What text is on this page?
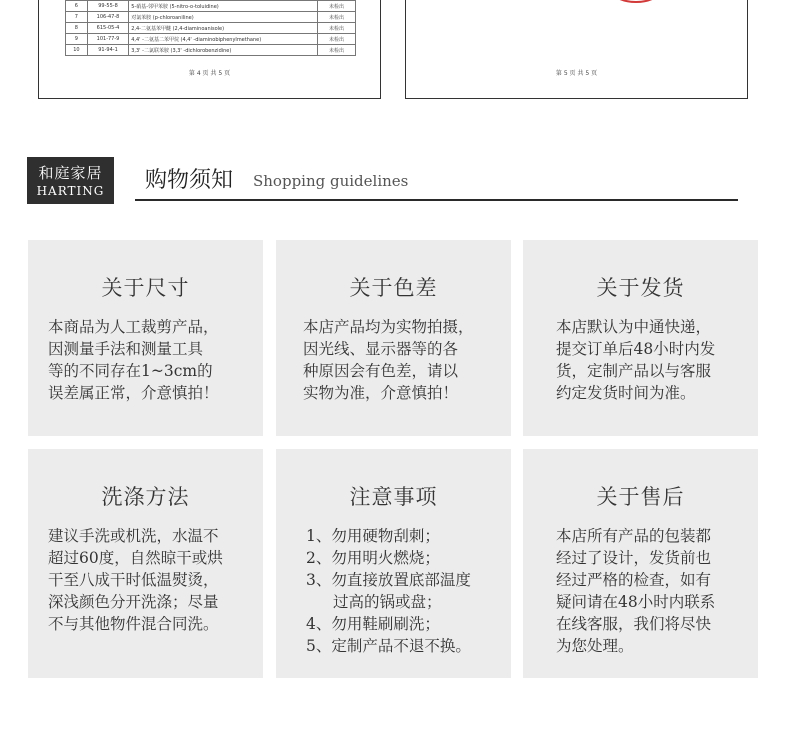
6	99-55-8	5-硝基-邻甲苯胺 (5-nitro-o-toluidine)	未检出
7	106-47-8	对氯苯胺 (p-chloroaniline)	未检出
8	615-05-4	2,4-二氨基苯甲醚 (2,4-diaminoanisole)	未检出
9	101-77-9	4,4' -二氨基二苯甲烷 (4,4' -diaminobiphenylmethane)	未检出
10	91-94-1	3,3' -二氯联苯胺 (3,3' -dichlorobenzidine)	未检出
第 4 页 共 5 页	第 5 页 共 5 页
和庭家居
HARTING	购物须知 Shopping guidelines
关于尺寸

本商品为人工裁剪产品，

因测量手法和测量工具

等的不同存在1~3cm的

误差属正常，介意慎拍！

关于色差

本店产品均为实物拍摄，

因光线、显示器等的各

种原因会有色差，请以

实物为准，介意慎拍！

关于发货

本店默认为中通快递，

提交订单后48小时内发

货，定制产品以与客服

约定发货时间为准。

洗涤方法

建议手洗或机洗，水温不

超过60度，自然晾干或烘

干至八成干时低温熨烫，

深浅颜色分开洗涤；尽量

不与其他物件混合同洗。

注意事项

1、勿用硬物刮刺；

2、勿用明火燃烧；

3、勿直接放置底部温度

过高的锅或盘；

4、勿用鞋刷刷洗；

5、定制产品不退不换。

关于售后

本店所有产品的包装都

经过了设计，发货前也

经过严格的检查，如有

疑问请在48小时内联系

在线客服，我们将尽快

为您处理。
